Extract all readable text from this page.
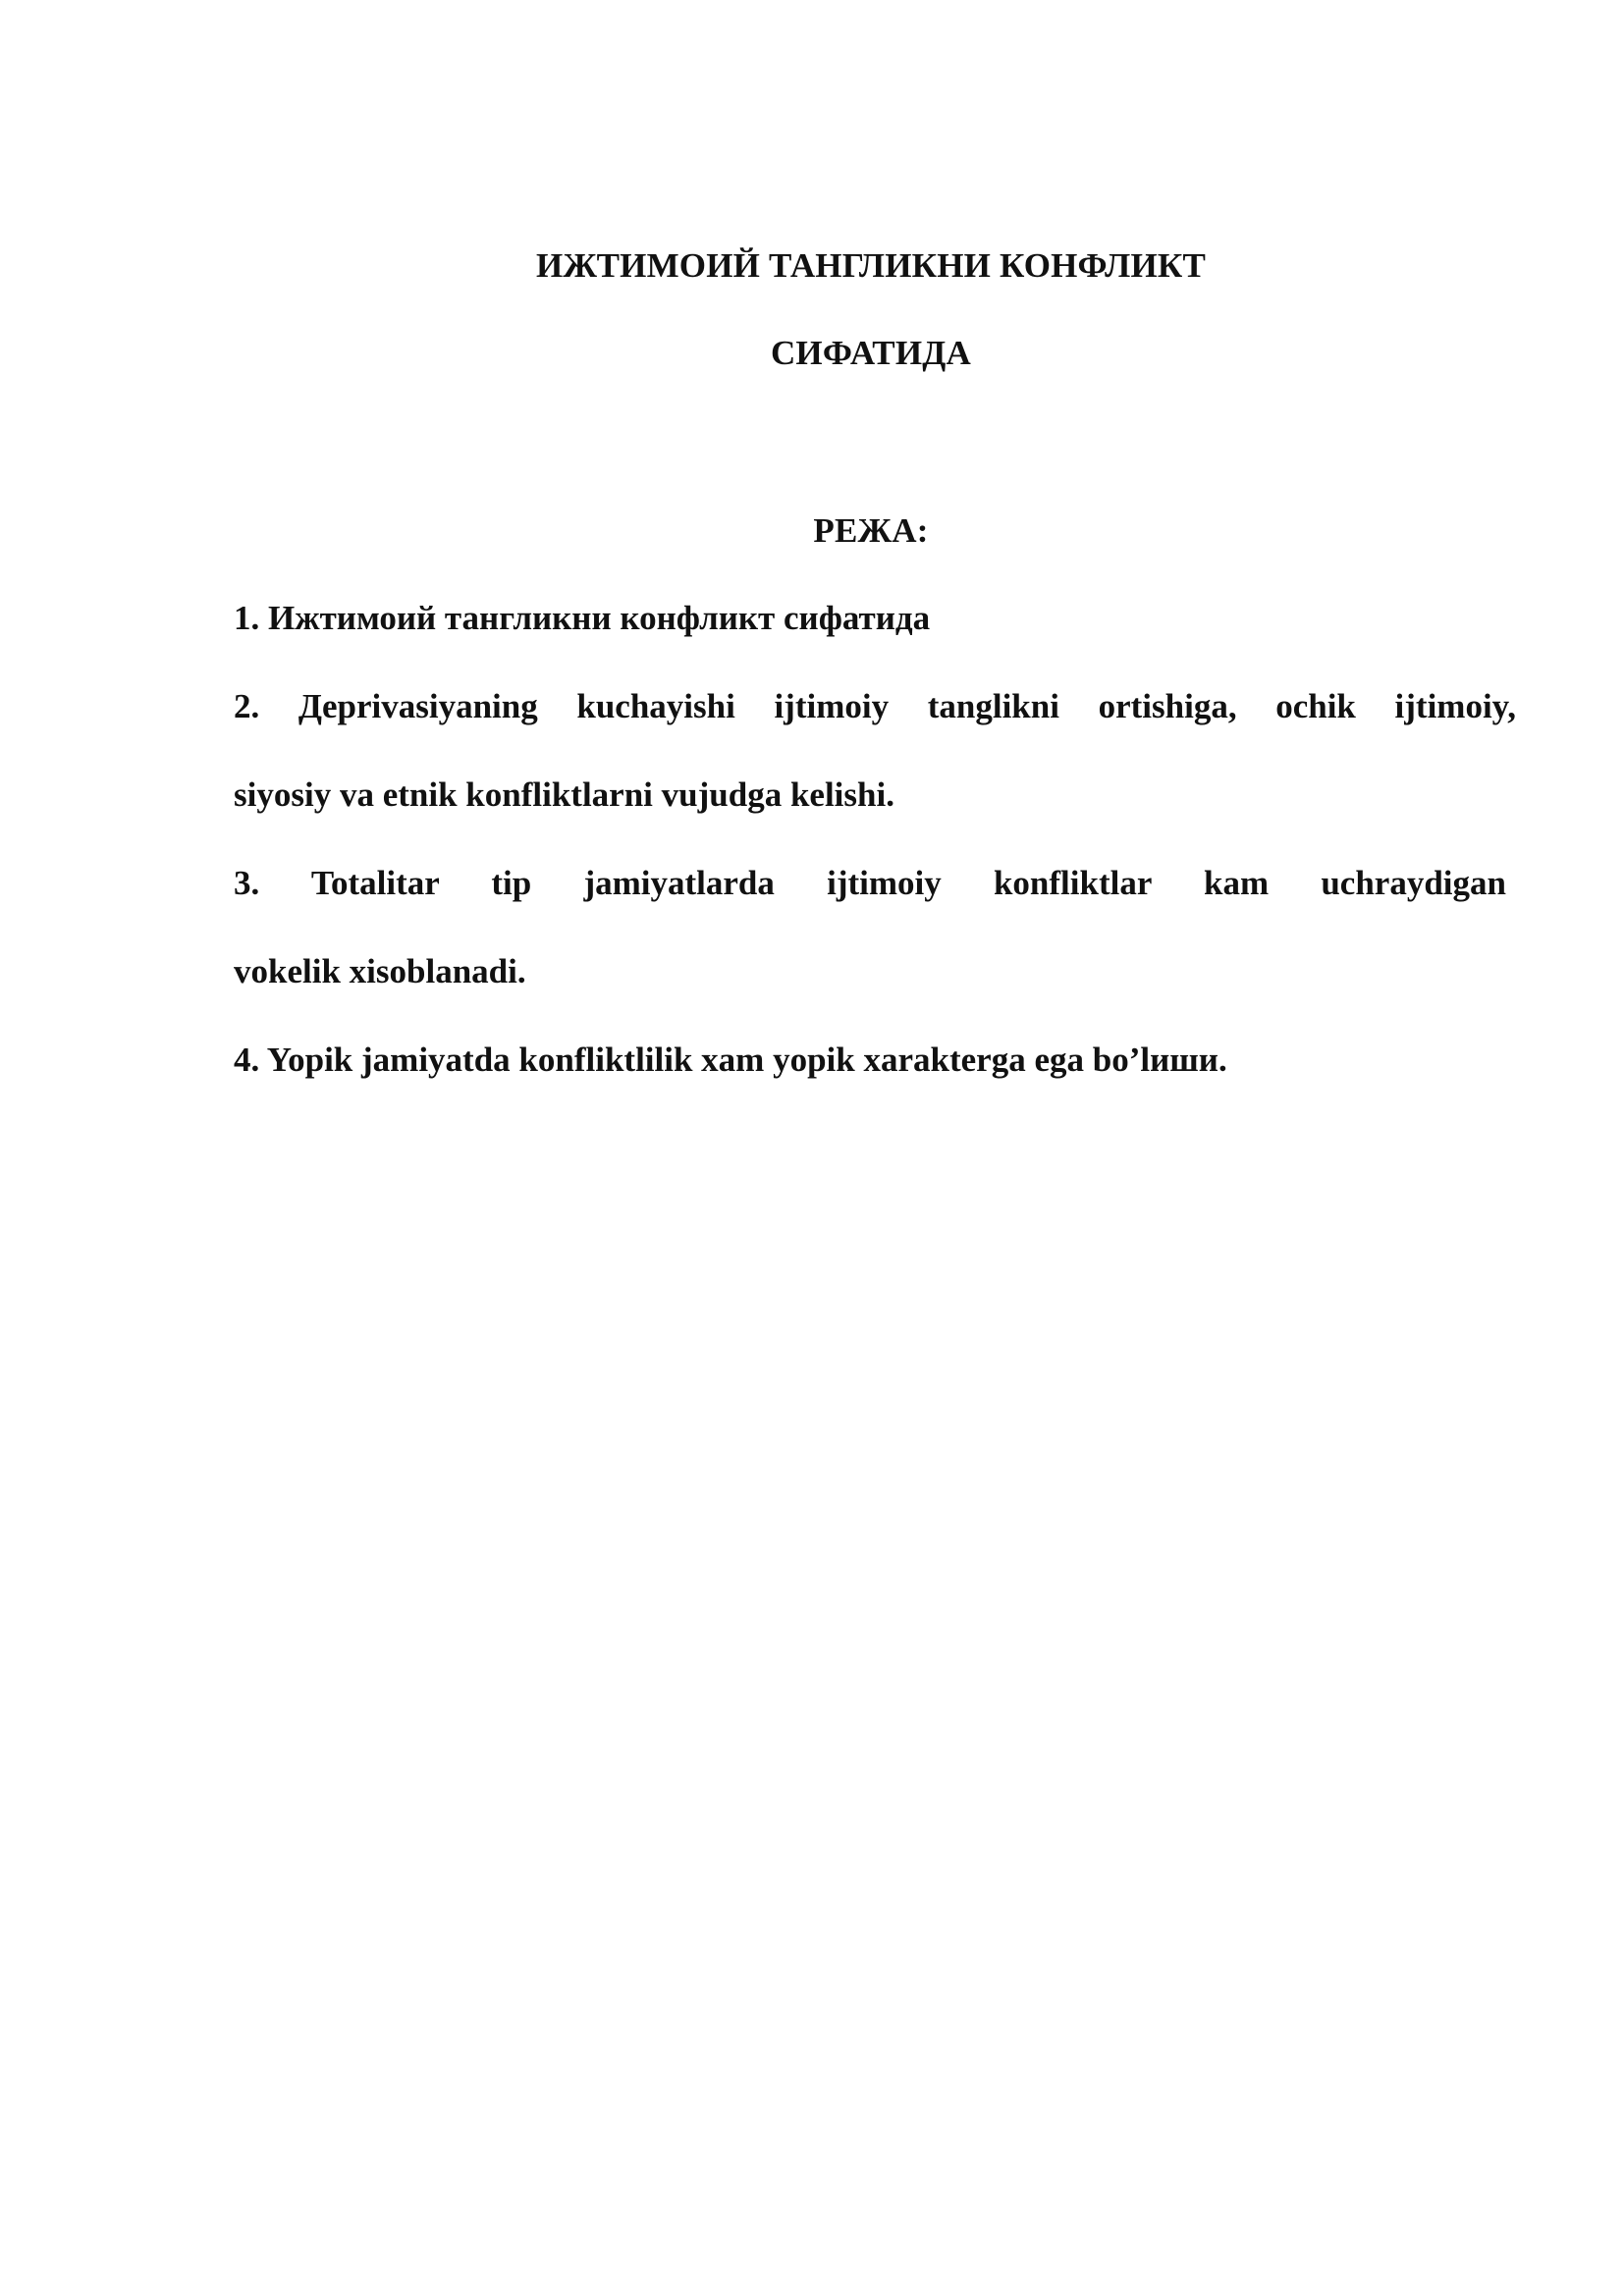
ИЖТИМОИЙ ТАНГЛИКНИ КОНФЛИКТ
СИФАТИДА
РЕЖА:
1. Ижтимоий тангликни конфликт сифатида
2. Дeprivasiyaning kuchayishi ijtimoiy tanglikni ortishiga, ochik ijtimoiy,
siyosiy va etnik konfliktlarni vujudga kelishi.
3. Totalitar tip jamiyatlarda ijtimoiy konfliktlar kam uchraydigan
vokelik xisoblanadi.
4. Yopik jamiyatda konfliktlilik xam yopik xarakterga ega bo’lиши.
